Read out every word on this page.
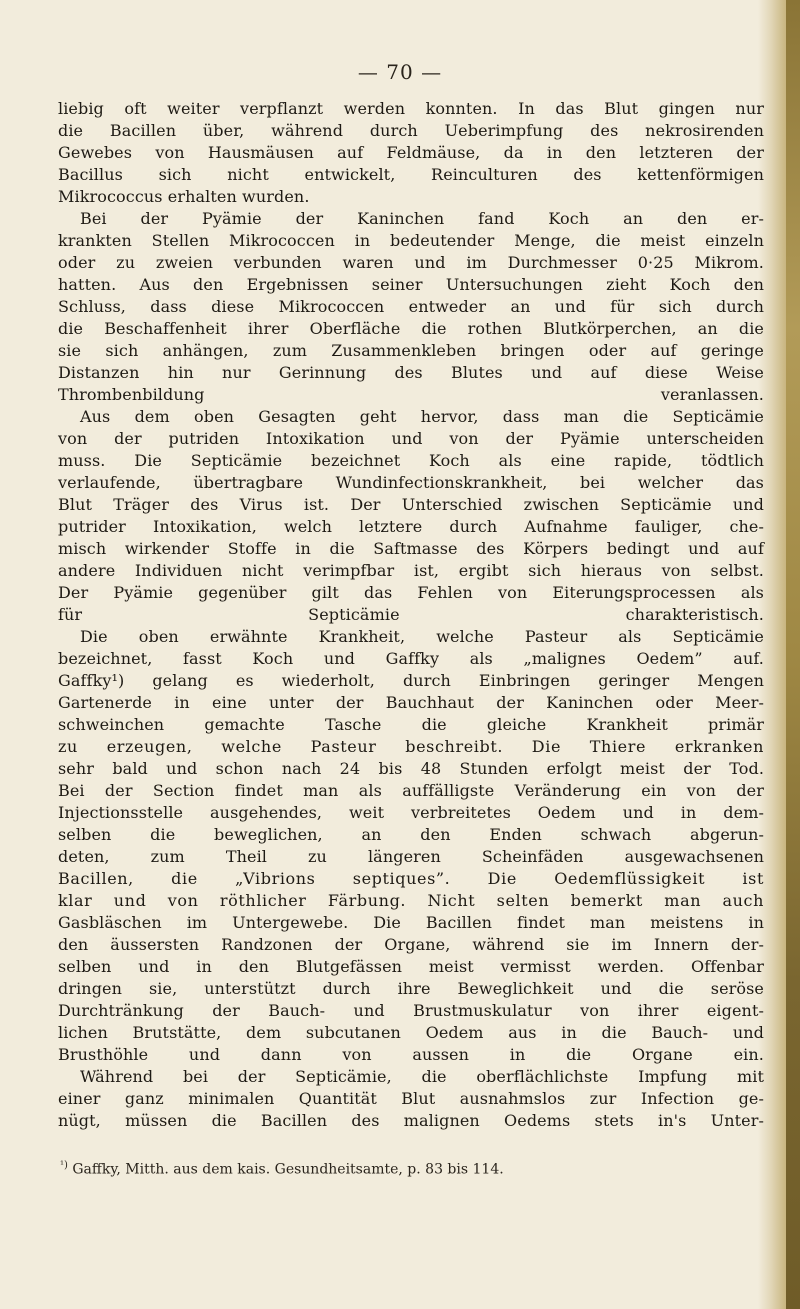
— 70 —
liebig oft weiter verpflanzt werden konnten. In das Blut gingen nur
die Bacillen über, während durch Ueberimpfung des nekrosirenden
Gewebes von Hausmäusen auf Feldmäuse, da in den letzteren der
Bacillus sich nicht entwickelt, Reinculturen des kettenförmigen
Mikrococcus erhalten wurden.
Bei der Pyämie der Kaninchen fand Koch an den er-
krankten Stellen Mikrococcen in bedeutender Menge, die meist einzeln
oder zu zweien verbunden waren und im Durchmesser 0·25 Mikrom.
hatten. Aus den Ergebnissen seiner Untersuchungen zieht Koch den
Schluss, dass diese Mikrococcen entweder an und für sich durch
die Beschaffenheit ihrer Oberfläche die rothen Blutkörperchen, an die
sie sich anhängen, zum Zusammenkleben bringen oder auf geringe
Distanzen hin nur Gerinnung des Blutes und auf diese Weise
Thrombenbildung veranlassen.
Aus dem oben Gesagten geht hervor, dass man die Septicämie
von der putriden Intoxikation und von der Pyämie unterscheiden
muss. Die Septicämie bezeichnet Koch als eine rapide, tödtlich
verlaufende, übertragbare Wundinfectionskrankheit, bei welcher das
Blut Träger des Virus ist. Der Unterschied zwischen Septicämie und
putrider Intoxikation, welch letztere durch Aufnahme fauliger, che-
misch wirkender Stoffe in die Saftmasse des Körpers bedingt und auf
andere Individuen nicht verimpfbar ist, ergibt sich hieraus von selbst.
Der Pyämie gegenüber gilt das Fehlen von Eiterungsprocessen als
für Septicämie charakteristisch.
Die oben erwähnte Krankheit, welche Pasteur als Septicämie
bezeichnet, fasst Koch und Gaffky als „malignes Oedem” auf.
Gaffky¹) gelang es wiederholt, durch Einbringen geringer Mengen
Gartenerde in eine unter der Bauchhaut der Kaninchen oder Meer-
schweinchen gemachte Tasche die gleiche Krankheit primär
zu erzeugen, welche Pasteur beschreibt. Die Thiere erkranken
sehr bald und schon nach 24 bis 48 Stunden erfolgt meist der Tod.
Bei der Section findet man als auffälligste Veränderung ein von der
Injectionsstelle ausgehendes, weit verbreitetes Oedem und in dem-
selben die beweglichen, an den Enden schwach abgerun-
deten, zum Theil zu längeren Scheinfäden ausgewachsenen
Bacillen, die „Vibrions septiques”. Die Oedemflüssigkeit ist
klar und von röthlicher Färbung. Nicht selten bemerkt man auch
Gasbläschen im Untergewebe. Die Bacillen findet man meistens in
den äussersten Randzonen der Organe, während sie im Innern der-
selben und in den Blutgefässen meist vermisst werden. Offenbar
dringen sie, unterstützt durch ihre Beweglichkeit und die seröse
Durchtränkung der Bauch- und Brustmuskulatur von ihrer eigent-
lichen Brutstätte, dem subcutanen Oedem aus in die Bauch- und
Brusthöhle und dann von aussen in die Organe ein.
Während bei der Septicämie, die oberflächlichste Impfung mit
einer ganz minimalen Quantität Blut ausnahmslos zur Infection ge-
nügt, müssen die Bacillen des malignen Oedems stets in's Unter-
$^{^1)}$ Gaffky, Mitth. aus dem kais. Gesundheitsamte, p. 83 bis 114.
